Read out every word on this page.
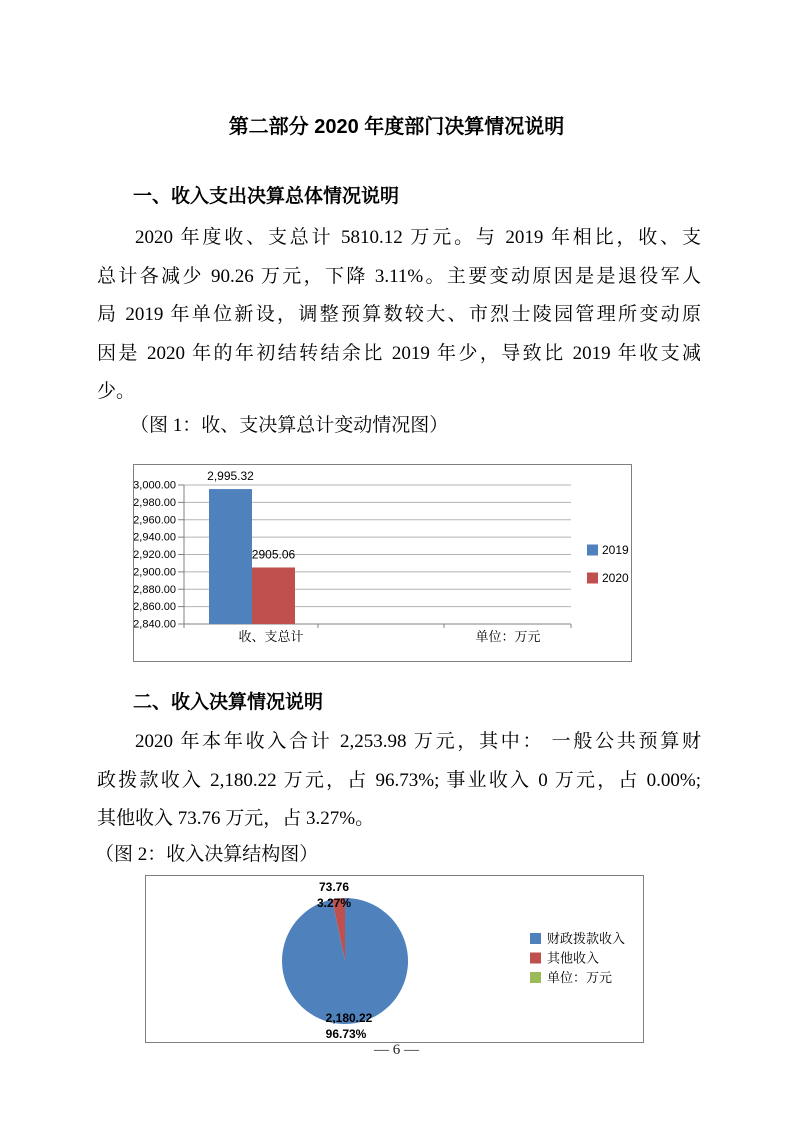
第二部分 2020 年度部门决算情况说明
一、收入支出决算总体情况说明
2020 年度收、支总计 5810.12 万元。与 2019 年相比，收、支
总计各减少 90.26 万元，下降 3.11%。主要变动原因是是退役军人
局 2019 年单位新设，调整预算数较大、市烈士陵园管理所变动原
因是 2020 年的年初结转结余比 2019 年少，导致比 2019 年收支减
少。
（图 1：收、支决算总计变动情况图）
2,840.00
2,860.00
2,880.00
2,900.00
2,920.00
2,940.00
2,960.00
2,980.00
3,000.00
2,995.32
2019
2905.06
2020
收、支总计	单位：万元
二、收入决算情况说明
2020 年本年收入合计 2,253.98 万元，其中： 一般公共预算财
政拨款收入 2,180.22 万元，占 96.73%; 事业收入 0 万元，占 0.00%;
其他收入 73.76 万元，占 3.27%。
（图 2：收入决算结构图）
2,180.22
96.73%
73.76
3.27%
财政拨款收入
其他收入
单位：万元
— 6 —
